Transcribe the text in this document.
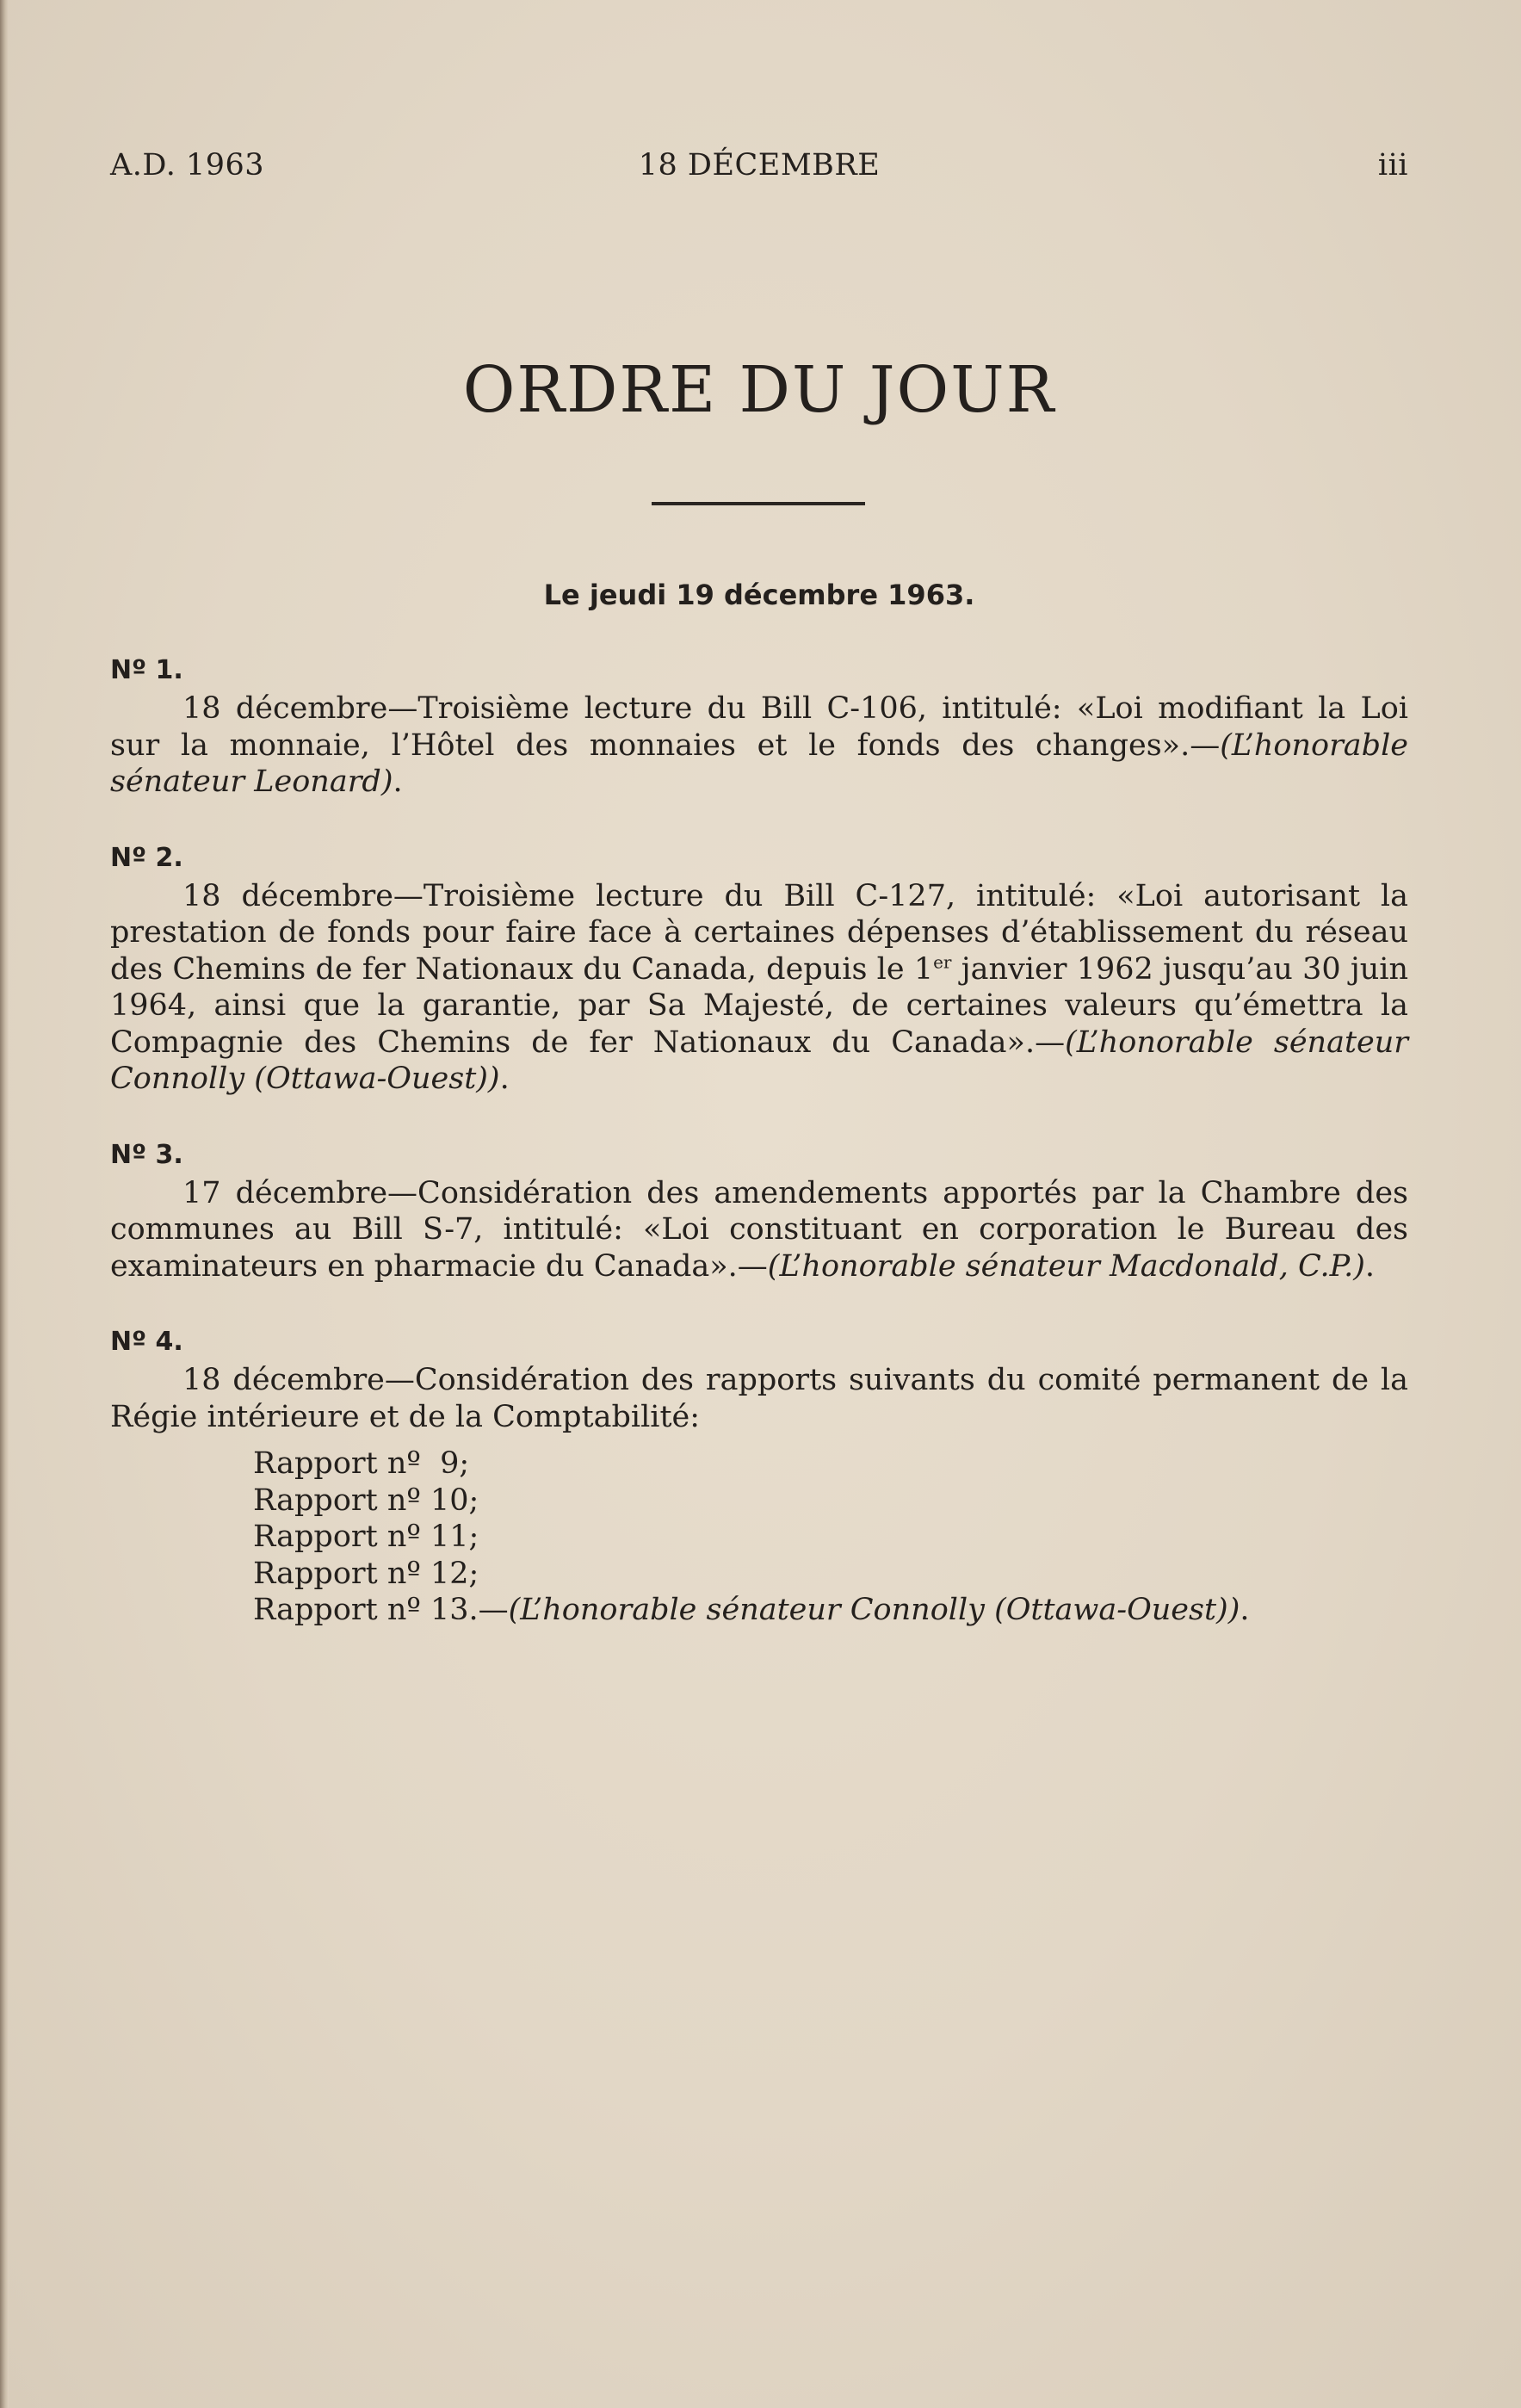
A.D. 1963	18 DÉCEMBRE	iii
ORDRE DU JOUR
Le jeudi 19 décembre 1963.
Nº 1.

18 décembre—Troisième lecture du Bill C-106, intitulé: «Loi modifiant la Loi sur la monnaie, l’Hôtel des monnaies et le fonds des changes».—(L’honorable sénateur Leonard).

Nº 2.

18 décembre—Troisième lecture du Bill C-127, intitulé: «Loi autorisant la prestation de fonds pour faire face à certaines dépenses d’établissement du réseau des Chemins de fer Nationaux du Canada, depuis le 1er janvier 1962 jusqu’au 30 juin 1964, ainsi que la garantie, par Sa Majesté, de certaines valeurs qu’émettra la Compagnie des Chemins de fer Nationaux du Canada».—(L’honorable sénateur Connolly (Ottawa-Ouest)).

Nº 3.

17 décembre—Considération des amendements apportés par la Chambre des communes au Bill S-7, intitulé: «Loi constituant en corporation le Bureau des examinateurs en pharmacie du Canada».—(L’honorable sénateur Macdonald, C.P.).

Nº 4.

18 décembre—Considération des rapports suivants du comité permanent de la Régie intérieure et de la Comptabilité:

Rapport nº  9;
Rapport nº 10;
Rapport nº 11;
Rapport nº 12;
Rapport nº 13.—(L’honorable sénateur Connolly (Ottawa-Ouest)).
